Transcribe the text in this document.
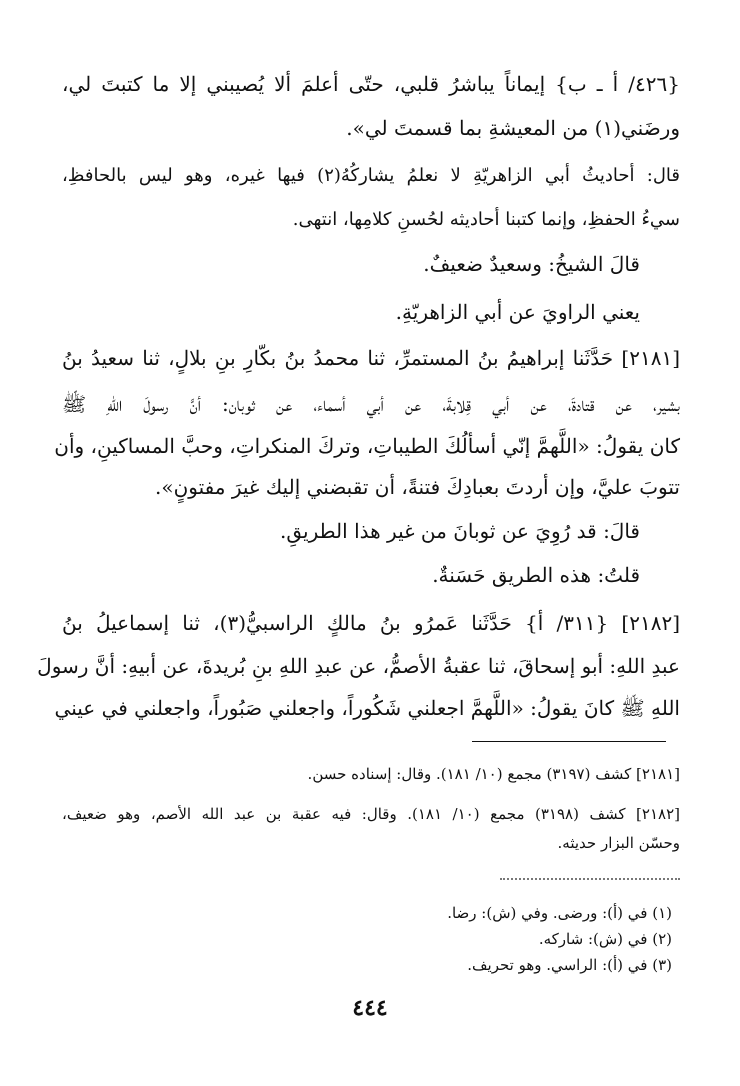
{٤٢٦/ أ ـ ب} إيماناً يباشرُ قلبي، حتّى أعلمَ ألا يُصيبني إلا ما كتبتَ لي،
ورضَني(١) من المعيشةِ بما قسمتَ لي».
قال: أحاديثُ أبي الزاهريّةِ لا نعلمُ يشاركُهُ(٢) فيها غيره، وهو ليس بالحافظِ،
سيءُ الحفظِ، وإنما كتبنا أحاديثه لحُسنِ كلامِها، انتهى.
قالَ الشيخُ: وسعيدٌ ضعيفٌ.
يعني الراويَ عن أبي الزاهريّةِ.
[٢١٨١] حَدَّثَنا إبراهيمُ بنُ المستمرِّ، ثنا محمدُ بنُ بكّارِ بنِ بلالٍ، ثنا سعيدُ بنُ
بشير، عن قتادةَ، عن أبي قِلابةَ، عن أبي أسماء، عن ثوبان: أنَّ رسولَ اللهِ ﷺ
كان يقولُ: «اللَّهمَّ إنّي أسألُكَ الطيباتِ، وتركَ المنكراتِ، وحبَّ المساكينِ، وأن
تتوبَ عليَّ، وإن أردتَ بعبادِكَ فتنةً، أن تقبضني إليك غيرَ مفتونٍ».
قالَ: قد رُوِيَ عن ثوبانَ من غير هذا الطريقِ.
قلتُ: هذه الطريق حَسَنةٌ.
[٢١٨٢] {٣١١/ أ} حَدَّثَنا عَمرُو بنُ مالكٍ الراسبيُّ(٣)، ثنا إسماعيلُ بنُ
عبدِ اللهِ: أبو إسحاقَ، ثنا عقبةُ الأصمُّ، عن عبدِ اللهِ بنِ بُريدةَ، عن أبيهِ: أنَّ رسولَ
اللهِ ﷺ كانَ يقولُ: «اللَّهمَّ اجعلني شَكُوراً، واجعلني صَبُوراً، واجعلني في عيني
[٢١٨١] كشف (٣١٩٧) مجمع (١٠/ ١٨١). وقال: إسناده حسن.
[٢١٨٢] كشف (٣١٩٨) مجمع (١٠/ ١٨١). وقال: فيه عقبة بن عبد الله الأصم، وهو ضعيف،
وحسّن البزار حديثه.
(١) في (أ): ورضى. وفي (ش): رضا.
(٢) في (ش): شاركه.
(٣) في (أ): الراسي. وهو تحريف.
٤٤٤
